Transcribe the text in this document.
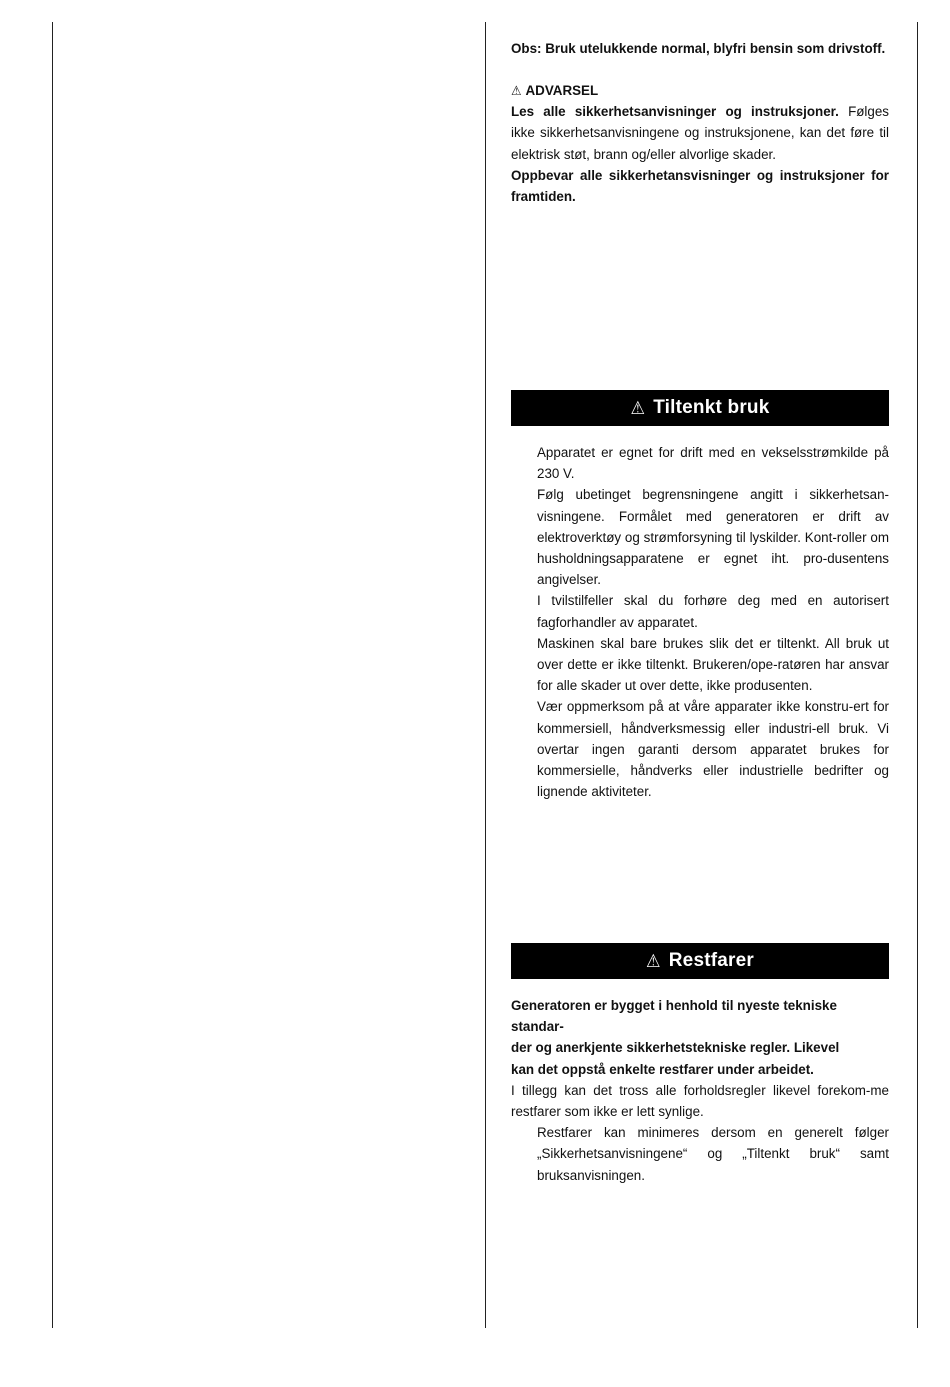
Obs: Bruk utelukkende normal, blyfri bensin som drivstoff.

⚠ ADVARSEL

Les alle sikkerhetsanvisninger og instruksjoner. Følges ikke sikkerhetsanvisningene og instruksjonene, kan det føre til elektrisk støt, brann og/eller alvorlige skader.

Oppbevar alle sikkerhetansvisninger og instruksjoner for framtiden.

⚠ Tiltenkt bruk

Apparatet er egnet for drift med en vekselsstrømkilde på 230 V.

Følg ubetinget begrensningene angitt i sikkerhetsan-visningene. Formålet med generatoren er drift av elektroverktøy og strømforsyning til lyskilder. Kont-roller om husholdningsapparatene er egnet iht. pro-dusentens angivelser.

I tvilstilfeller skal du forhøre deg med en autorisert fagforhandler av apparatet.

Maskinen skal bare brukes slik det er tiltenkt. All bruk ut over dette er ikke tiltenkt. Brukeren/ope-ratøren har ansvar for alle skader ut over dette, ikke produsenten.

Vær oppmerksom på at våre apparater ikke konstru-ert for kommersiell, håndverksmessig eller industri-ell bruk. Vi overtar ingen garanti dersom apparatet brukes for kommersielle, håndverks eller industrielle bedrifter og lignende aktiviteter.

⚠ Restfarer

Generatoren er bygget i henhold til nyeste tekniske standar-

der og anerkjente sikkerhetstekniske regler. Likevel

kan det oppstå enkelte restfarer under arbeidet.

I tillegg kan det tross alle forholdsregler likevel forekom-me restfarer som ikke er lett synlige.

Restfarer kan minimeres dersom en generelt følger „Sikkerhetsanvisningene“ og „Tiltenkt bruk“ samt bruksanvisningen.
